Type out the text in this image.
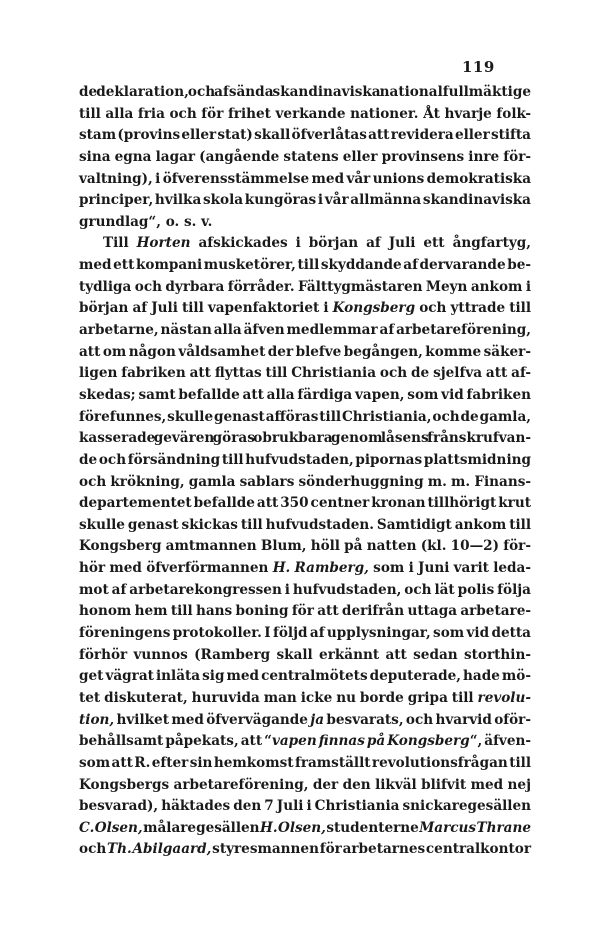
119
de deklaration, och afsända skandinaviska nationalfullmäktige
till alla fria och för frihet verkande nationer. Åt hvarje folk-
stam (provins eller stat) skall öfverlåtas att revidera eller stifta
sina egna lagar (angående statens eller provinsens inre för-
valtning), i öfverensstämmelse med vår unions demokratiska
principer, hvilka skola kungöras i vår allmänna skandinaviska
grundlag“, o. s. v.
Till Horten afskickades i början af Juli ett ångfartyg,
med ett kompani musketörer, till skyddande af dervarande be-
tydliga och dyrbara förråder. Fälttygmästaren Meyn ankom i
början af Juli till vapenfaktoriet i Kongsberg och yttrade till
arbetarne, nästan alla äfven medlemmar af arbetareförening,
att om någon våldsamhet der blefve begången, komme säker-
ligen fabriken att flyttas till Christiania och de sjelfva att af-
skedas; samt befallde att alla färdiga vapen, som vid fabriken
förefunnes, skulle genast afföras till Christiania, och de gamla,
kasserade gevären göras obrukbara genom låsens frånskrufvan-
de och försändning till hufvudstaden, pipornas plattsmidning
och krökning, gamla sablars sönderhuggning m. m. Finans-
departementet befallde att 350 centner kronan tillhörigt krut
skulle genast skickas till hufvudstaden. Samtidigt ankom till
Kongsberg amtmannen Blum, höll på natten (kl. 10—2) för-
hör med öfverförmannen H. Ramberg, som i Juni varit leda-
mot af arbetarekongressen i hufvudstaden, och lät polis följa
honom hem till hans boning för att derifrån uttaga arbetare-
föreningens protokoller. I följd af upplysningar, som vid detta
förhör vunnos (Ramberg skall erkännt att sedan storthin-
get vägrat inläta sig med centralmötets deputerade, hade mö-
tet diskuterat, huruvida man icke nu borde gripa till revolu-
tion, hvilket med öfvervägande ja besvarats, och hvarvid oför-
behållsamt påpekats, att “vapen finnas på Kongsberg“, äfven-
som att R. efter sin hemkomst framställt revolutionsfrågan till
Kongsbergs arbetareförening, der den likväl blifvit med nej
besvarad), häktades den 7 Juli i Christiania snickaregesällen
C. Olsen, målaregesällen H. Olsen, studenterne Marcus Thrane
och Th. Abilgaard, styresmannen för arbetarnes centralkontor
